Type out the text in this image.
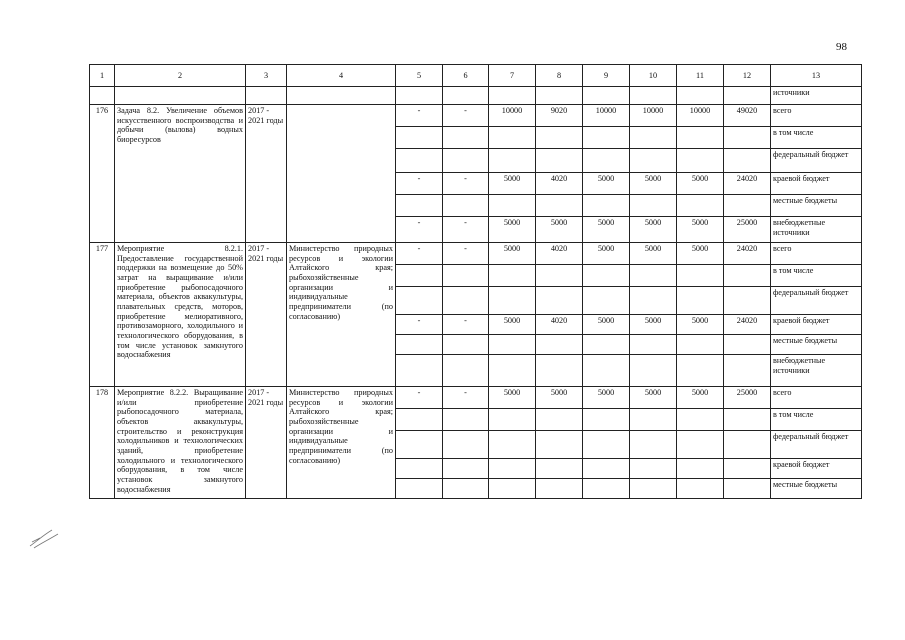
98
1	2	3	4	5	6	7	8	9	10	11	12	13
												источники
176	Задача 8.2. Увеличение объемов искусственного воспроизводства и добычи (вылова) водных биоресурсов	2017 - 2021 годы		-	-	10000	9020	10000	10000	10000	49020	всего
												в том числе
												федеральный бюджет
				-	-	5000	4020	5000	5000	5000	24020	краевой бюджет
												местные бюджеты
				-	-	5000	5000	5000	5000	5000	25000	внебюджетные источники
177	Мероприятие 8.2.1. Предоставление государственной поддержки на возмещение до 50% затрат на выращивание и/или приобретение рыбопосадочного материала, объектов аквакультуры, плавательных средств, моторов, приобретение мелиоративного, противозаморного, холодильного и технологического оборудования, в том числе установок замкнутого водоснабжения	2017 - 2021 годы	Министерство природных ресурсов и экологии Алтайского края; рыбохозяйственные организации и индивидуальные предприниматели (по согласованию)	-	-	5000	4020	5000	5000	5000	24020	всего
												в том числе
												федеральный бюджет
				-	-	5000	4020	5000	5000	5000	24020	краевой бюджет
												местные бюджеты
												внебюджетные источники
178	Мероприятие 8.2.2. Выращивание и/или приобретение рыбопосадочного материала, объектов аквакультуры, строительство и реконструкция холодильников и технологических зданий, приобретение холодильного и технологического оборудования, в том числе установок замкнутого водоснабжения	2017 - 2021 годы	Министерство природных ресурсов и экологии Алтайского края; рыбохозяйственные организации и индивидуальные предприниматели (по согласованию)	-	-	5000	5000	5000	5000	5000	25000	всего
												в том числе
												федеральный бюджет
												краевой бюджет
												местные бюджеты
